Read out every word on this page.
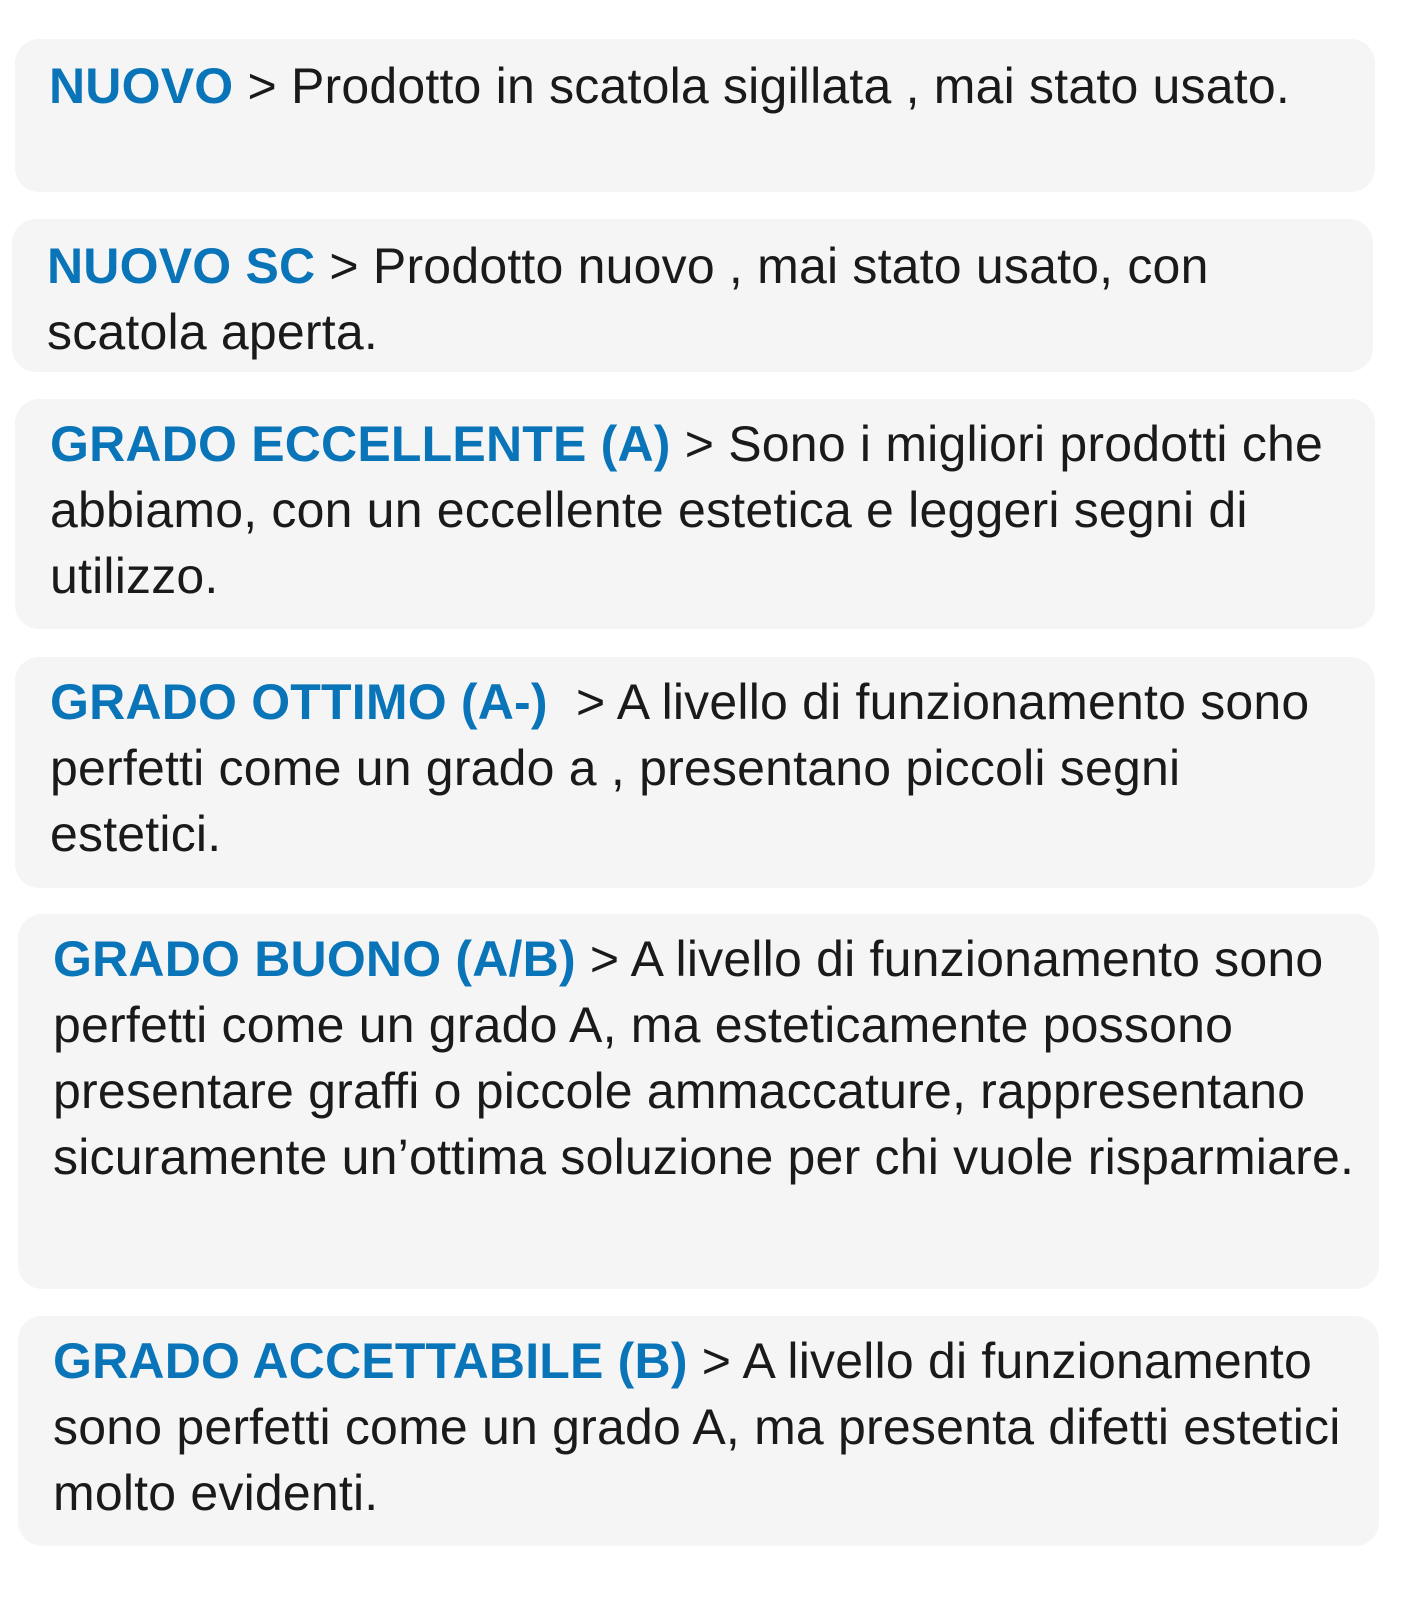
NUOVO > Prodotto in scatola sigillata , mai stato usato.
NUOVO SC > Prodotto nuovo , mai stato usato, con scatola aperta.
GRADO ECCELLENTE (A) > Sono i migliori prodotti che abbiamo, con un eccellente estetica e leggeri segni di utilizzo.
GRADO OTTIMO (A-)  > A livello di funzionamento sono perfetti come un grado a , presentano piccoli segni estetici.
GRADO BUONO (A/B) > A livello di funzionamento sono perfetti come un grado A, ma esteticamente possono presentare graffi o piccole ammaccature, rappresentano sicuramente un’ottima soluzione per chi vuole risparmiare.
GRADO ACCETTABILE (B) > A livello di funzionamento sono perfetti come un grado A, ma presenta difetti estetici molto evidenti.
